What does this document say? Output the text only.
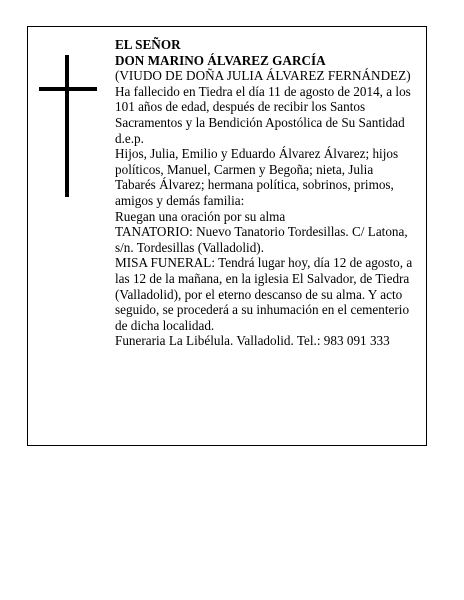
EL SEÑOR

DON MARINO ÁLVAREZ GARCÍA

(VIUDO DE DOÑA JULIA ÁLVAREZ FERNÁNDEZ)

Ha fallecido en Tiedra el día 11 de agosto de 2014, a los 101 años de edad, después de recibir los Santos Sacramentos y la Bendición Apostólica de Su Santidad d.e.p.

Hijos, Julia, Emilio y Eduardo Álvarez Álvarez; hijos políticos, Manuel, Carmen y Begoña; nieta, Julia Tabarés Álvarez; hermana política, sobrinos, primos, amigos y demás familia:

Ruegan una oración por su alma

TANATORIO: Nuevo Tanatorio Tordesillas. C/ Latona, s/n. Tordesillas (Valladolid).

MISA FUNERAL: Tendrá lugar hoy, día 12 de agosto, a las 12 de la mañana, en la iglesia El Salvador, de Tiedra (Valladolid), por el eterno descanso de su alma. Y acto seguido, se procederá a su inhumación en el cementerio de dicha localidad.

Funeraria La Libélula. Valladolid. Tel.: 983 091 333
